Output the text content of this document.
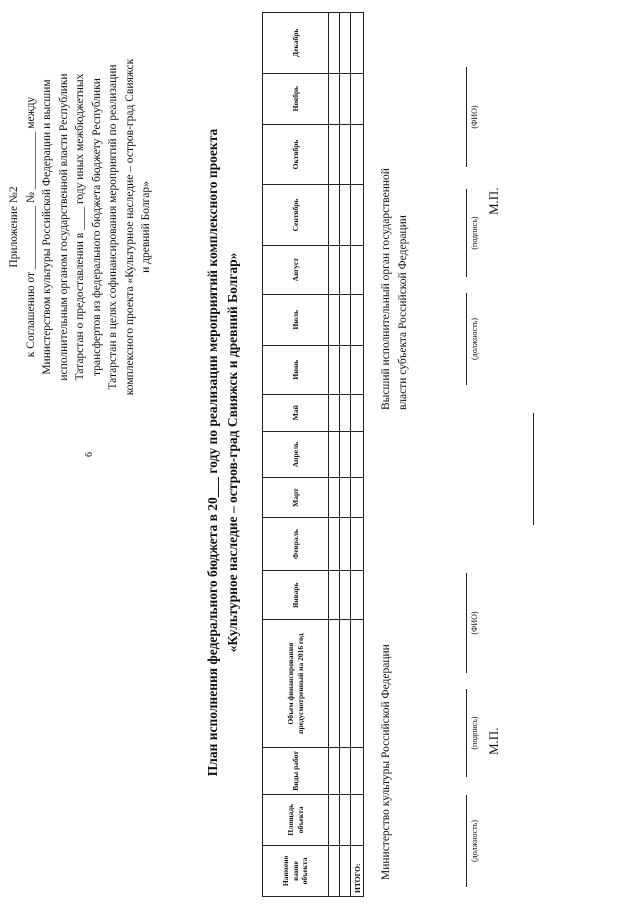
6
Приложение №2 к Соглашению от ___________ № __________ между Министерством культуры Российской Федерации и высшим исполнительным органом государственной власти Республики Татарстан о предоставлении в ____ году иных межбюджетных трансфертов из федерального бюджета бюджету Республики Татарстан в целях софинансирования мероприятий по реализации комплексного проекта «Культурное наследие – остров-град Свияжск и древний Болгар»	План исполнения федерального бюджета в 20___ году по реализации мероприятий комплексного проекта «Культурное наследие – остров-град Свияжск и древний Болгар»
Наимено вание объекта	Площадь объекта	Виды работ	Объем финансирования предусмотренный на 2016 год	Январь	Февраль	Март	Апрель	Май	Июнь	Июль	Август	Сентябрь	Октябрь	Ноябрь	Декабрь

ИТОГО:															Министерство культуры Российской Федерации	(должность)
(подпись)
(ФИО)
М.П.
Высший исполнительный орган государственной власти субъекта Российской Федерации	(должность)
(подпись)
(ФИО)
М.П.
